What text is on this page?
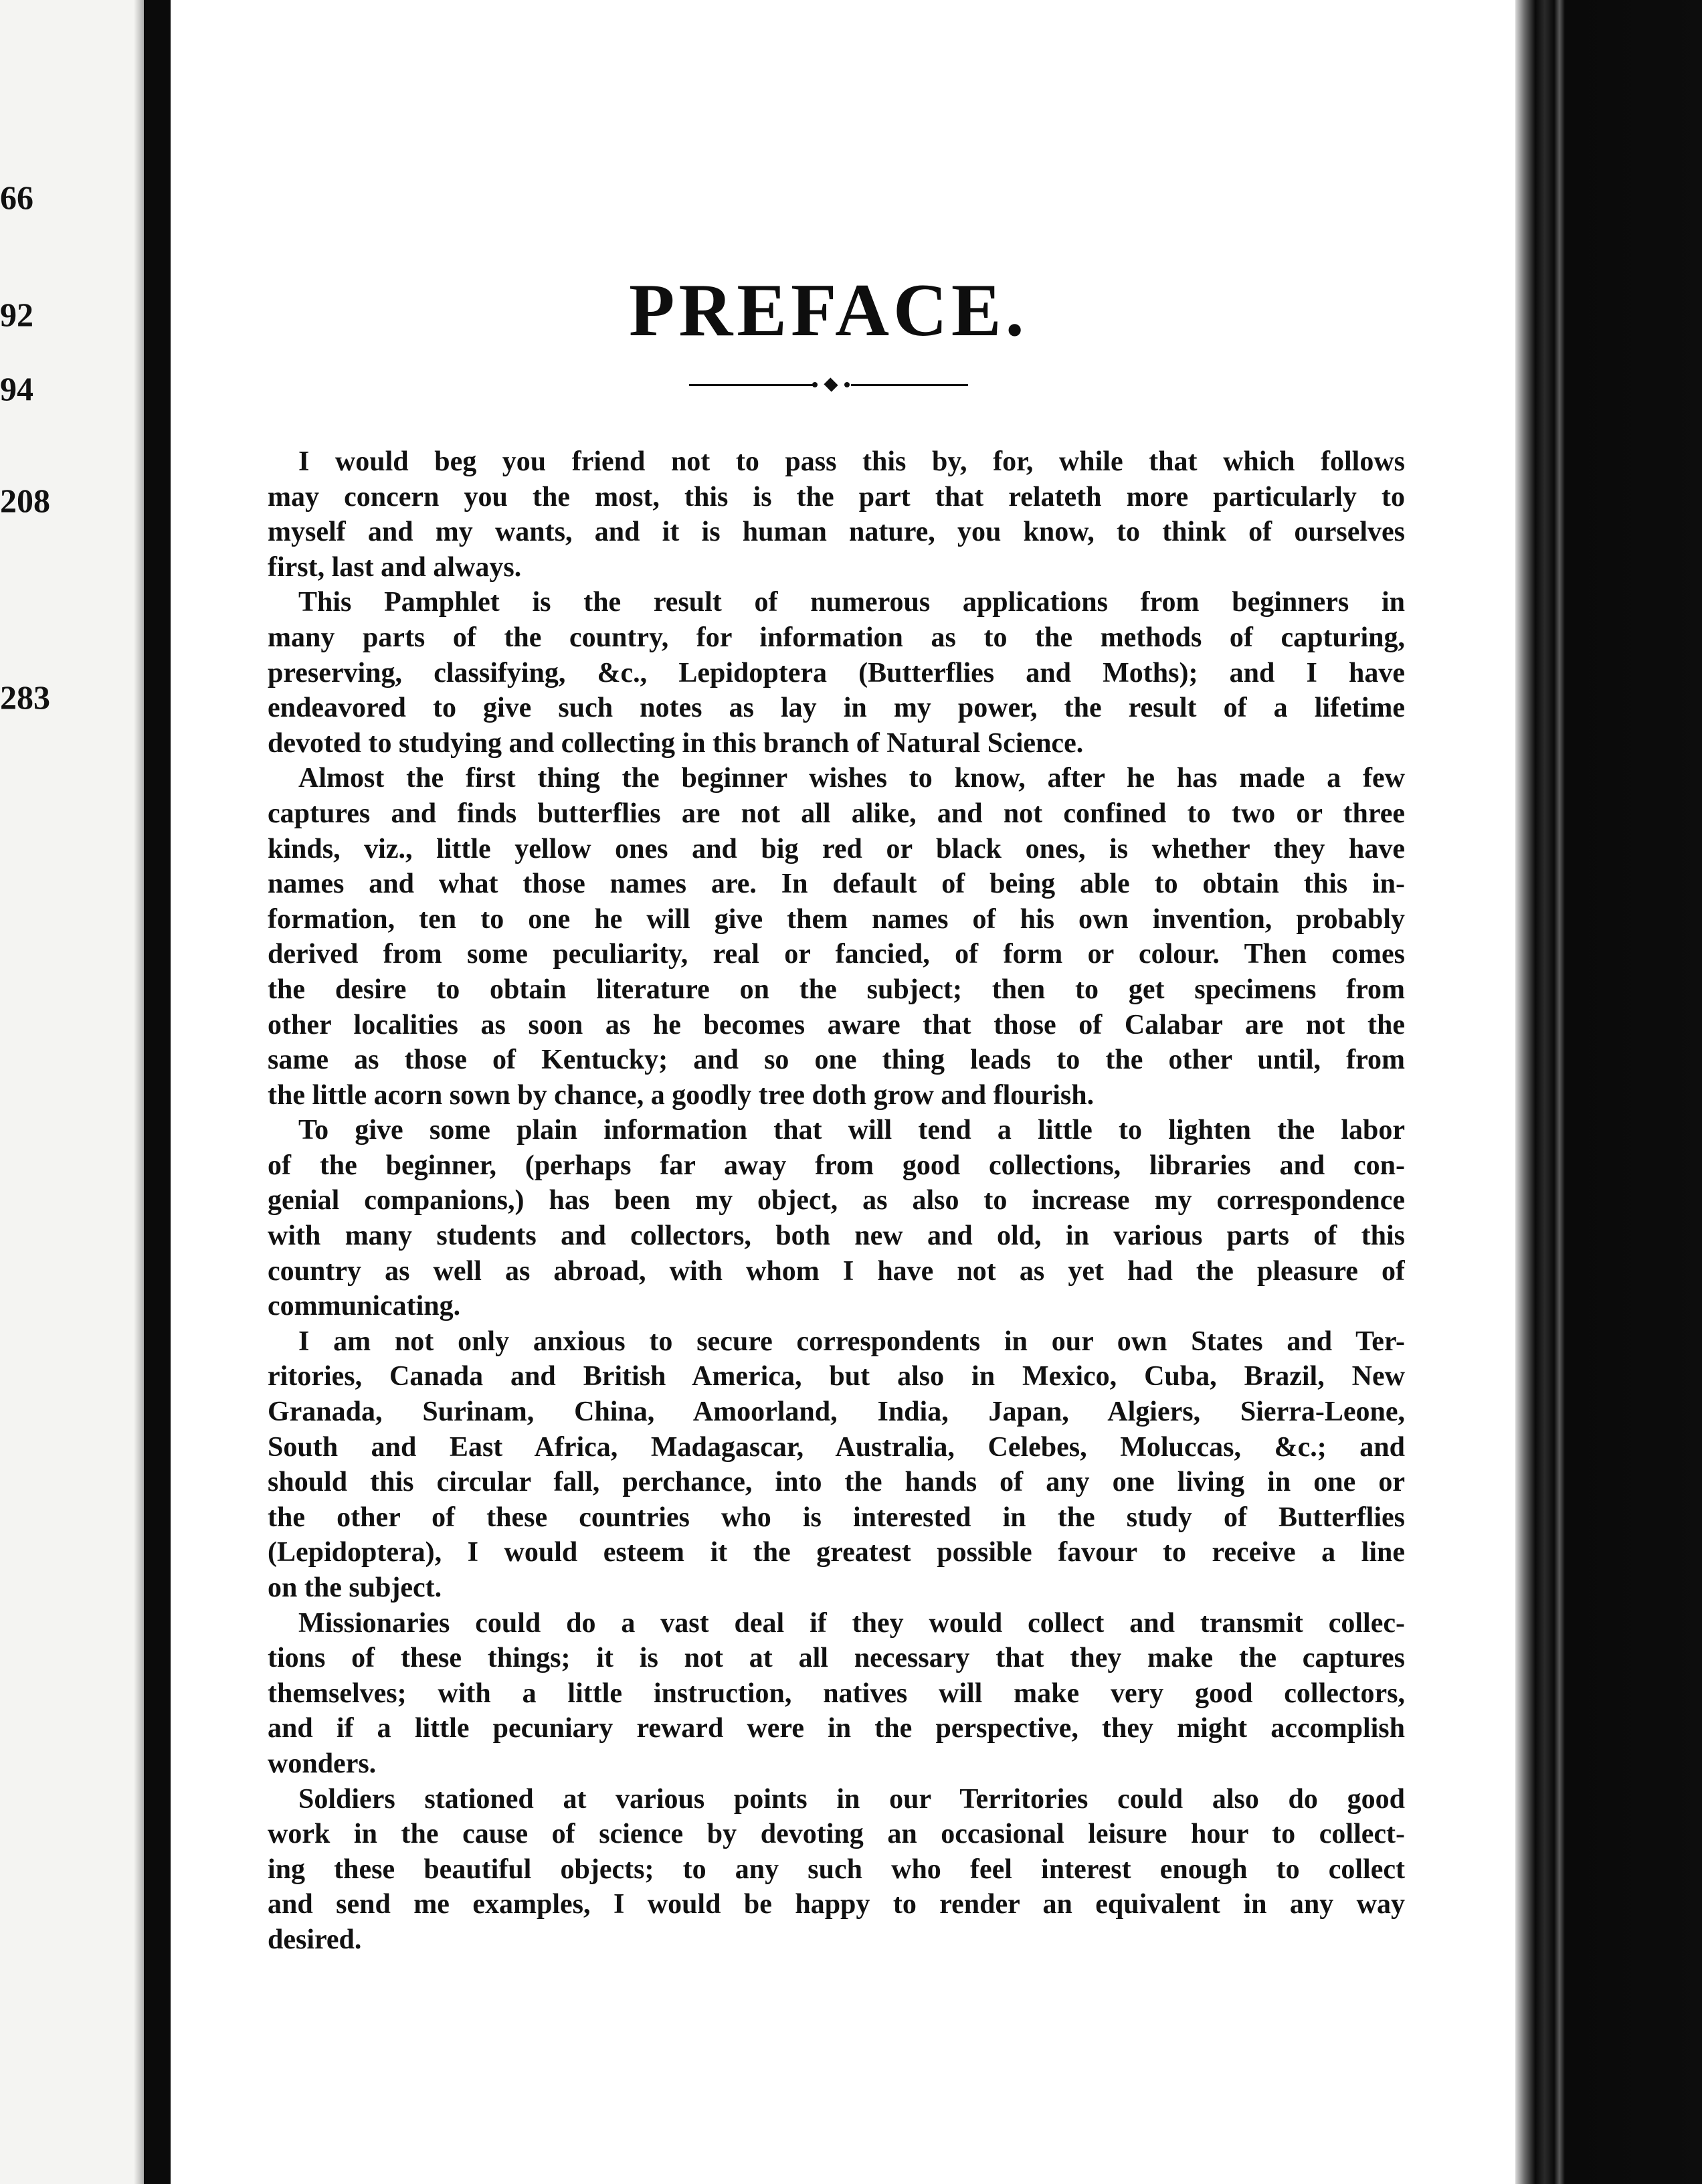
66
92
94
208
283
PREFACE.
I would beg you friend not to pass this by, for, while that which follows
may concern you the most, this is the part that relateth more particularly to
myself and my wants, and it is human nature, you know, to think of ourselves
first, last and always.
This Pamphlet is the result of numerous applications from beginners in
many parts of the country, for information as to the methods of capturing,
preserving, classifying, &c., Lepidoptera (Butterflies and Moths); and I have
endeavored to give such notes as lay in my power, the result of a lifetime
devoted to studying and collecting in this branch of Natural Science.
Almost the first thing the beginner wishes to know, after he has made a few
captures and finds butterflies are not all alike, and not confined to two or three
kinds, viz., little yellow ones and big red or black ones, is whether they have
names and what those names are. In default of being able to obtain this in-
formation, ten to one he will give them names of his own invention, probably
derived from some peculiarity, real or fancied, of form or colour. Then comes
the desire to obtain literature on the subject; then to get specimens from
other localities as soon as he becomes aware that those of Calabar are not the
same as those of Kentucky; and so one thing leads to the other until, from
the little acorn sown by chance, a goodly tree doth grow and flourish.
To give some plain information that will tend a little to lighten the labor
of the beginner, (perhaps far away from good collections, libraries and con-
genial companions,) has been my object, as also to increase my correspondence
with many students and collectors, both new and old, in various parts of this
country as well as abroad, with whom I have not as yet had the pleasure of
communicating.
I am not only anxious to secure correspondents in our own States and Ter-
ritories, Canada and British America, but also in Mexico, Cuba, Brazil, New
Granada, Surinam, China, Amoorland, India, Japan, Algiers, Sierra-Leone,
South and East Africa, Madagascar, Australia, Celebes, Moluccas, &c.; and
should this circular fall, perchance, into the hands of any one living in one or
the other of these countries who is interested in the study of Butterflies
(Lepidoptera), I would esteem it the greatest possible favour to receive a line
on the subject.
Missionaries could do a vast deal if they would collect and transmit collec-
tions of these things; it is not at all necessary that they make the captures
themselves; with a little instruction, natives will make very good collectors,
and if a little pecuniary reward were in the perspective, they might accomplish
wonders.
Soldiers stationed at various points in our Territories could also do good
work in the cause of science by devoting an occasional leisure hour to collect-
ing these beautiful objects; to any such who feel interest enough to collect
and send me examples, I would be happy to render an equivalent in any way
desired.
